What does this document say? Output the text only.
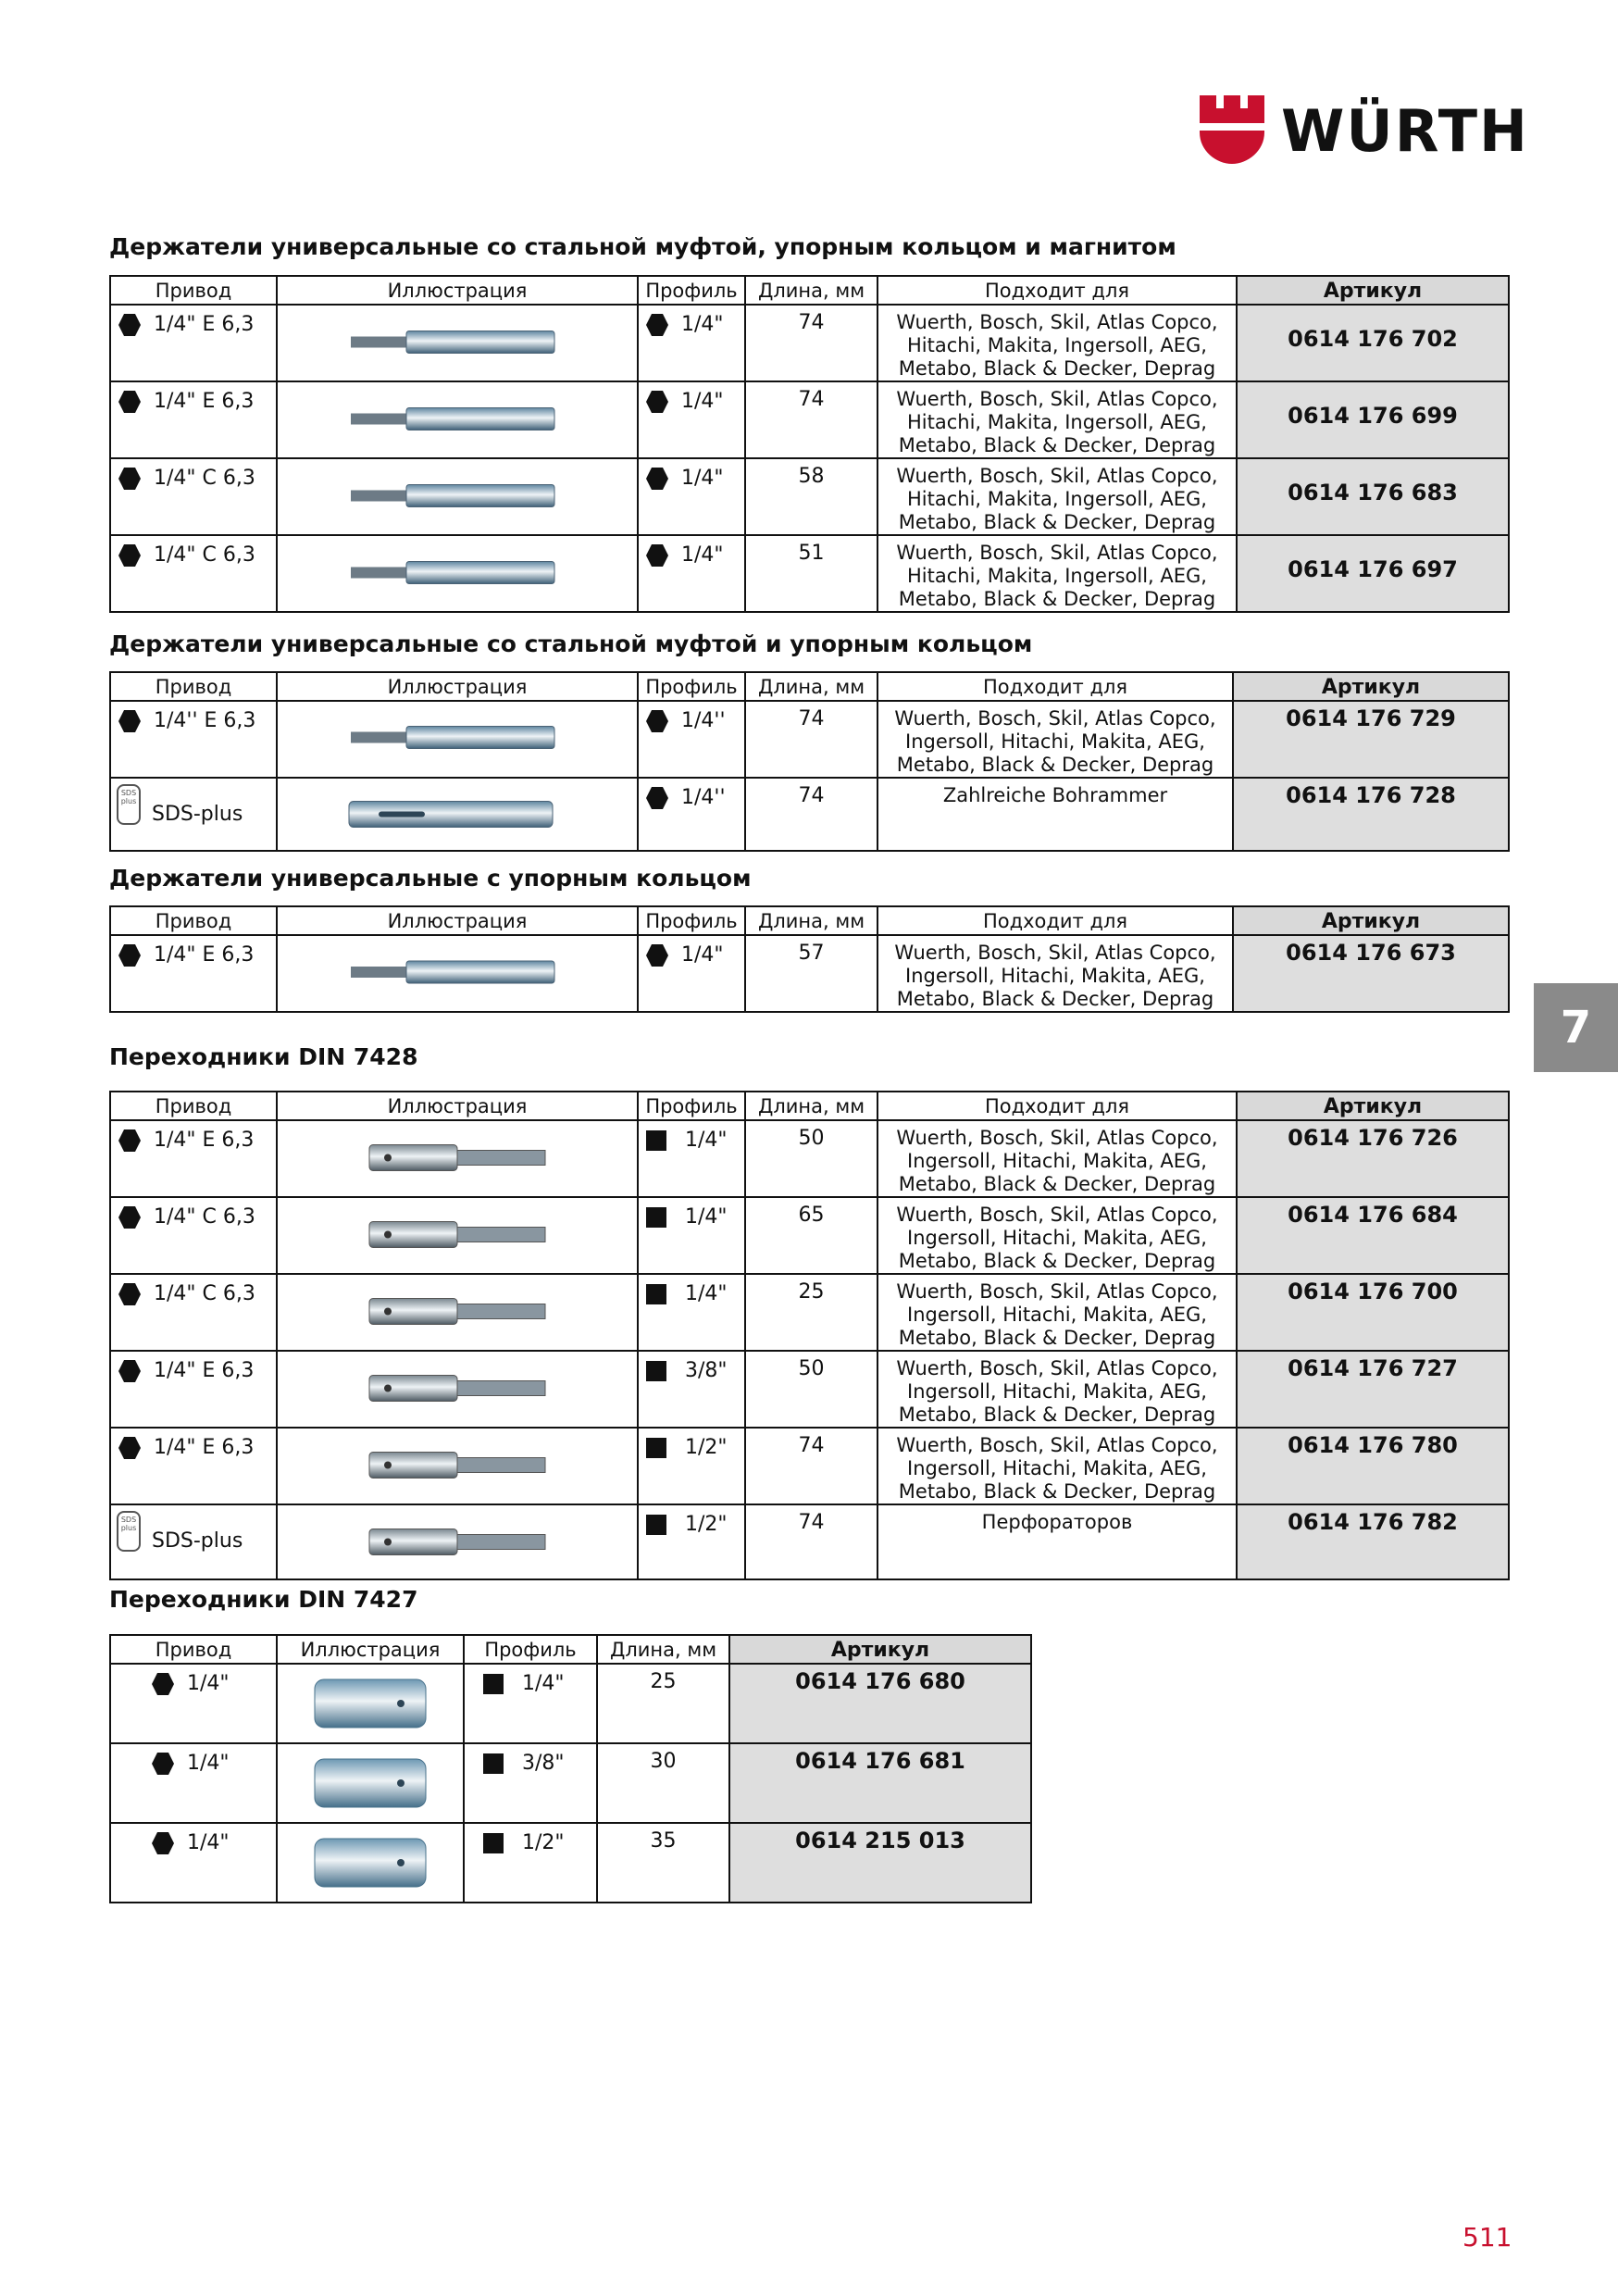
WÜRTH
Держатели универсальные со стальной муфтой, упорным кольцом и магнитом
Привод	Иллюстрация	Профиль	Длина, мм	Подходит для	Артикул

1/4" E 6,3		1/4"	74	Wuerth, Bosch, Skil, Atlas Copco,
Hitachi, Makita, Ingersoll, AEG,
Metabo, Black & Decker, Deprag	0614 176 702

1/4" E 6,3		1/4"	74	Wuerth, Bosch, Skil, Atlas Copco,
Hitachi, Makita, Ingersoll, AEG,
Metabo, Black & Decker, Deprag	0614 176 699

1/4" C 6,3		1/4"	58	Wuerth, Bosch, Skil, Atlas Copco,
Hitachi, Makita, Ingersoll, AEG,
Metabo, Black & Decker, Deprag	0614 176 683

1/4" C 6,3		1/4"	51	Wuerth, Bosch, Skil, Atlas Copco,
Hitachi, Makita, Ingersoll, AEG,
Metabo, Black & Decker, Deprag	0614 176 697
Держатели универсальные со стальной муфтой и упорным кольцом
Привод	Иллюстрация	Профиль	Длина, мм	Подходит для	Артикул

1/4'' E 6,3		1/4''	74	Wuerth, Bosch, Skil, Atlas Copco,
Ingersoll, Hitachi, Makita, AEG,
Metabo, Black & Decker, Deprag	0614 176 729

SDS plus
SDS-plus		1/4''	74	Zahlreiche Bohrammer	0614 176 728
Держатели универсальные с упорным кольцом
Привод	Иллюстрация	Профиль	Длина, мм	Подходит для	Артикул

1/4" E 6,3		1/4"	57	Wuerth, Bosch, Skil, Atlas Copco,
Ingersoll, Hitachi, Makita, AEG,
Metabo, Black & Decker, Deprag	0614 176 673
Переходники DIN 7428
Привод	Иллюстрация	Профиль	Длина, мм	Подходит для	Артикул

1/4" E 6,3		1/4"	50	Wuerth, Bosch, Skil, Atlas Copco,
Ingersoll, Hitachi, Makita, AEG,
Metabo, Black & Decker, Deprag	0614 176 726

1/4" C 6,3		1/4"	65	Wuerth, Bosch, Skil, Atlas Copco,
Ingersoll, Hitachi, Makita, AEG,
Metabo, Black & Decker, Deprag	0614 176 684

1/4" C 6,3		1/4"	25	Wuerth, Bosch, Skil, Atlas Copco,
Ingersoll, Hitachi, Makita, AEG,
Metabo, Black & Decker, Deprag	0614 176 700

1/4" E 6,3		3/8"	50	Wuerth, Bosch, Skil, Atlas Copco,
Ingersoll, Hitachi, Makita, AEG,
Metabo, Black & Decker, Deprag	0614 176 727

1/4" E 6,3		1/2"	74	Wuerth, Bosch, Skil, Atlas Copco,
Ingersoll, Hitachi, Makita, AEG,
Metabo, Black & Decker, Deprag	0614 176 780

SDS plus
SDS-plus		1/2"	74	Перфораторов	0614 176 782
Переходники DIN 7427
Привод	Иллюстрация	Профиль	Длина, мм	Артикул

1/4"		1/4"	25	0614 176 680

1/4"		3/8"	30	0614 176 681

1/4"		1/2"	35	0614 215 013
7
511
